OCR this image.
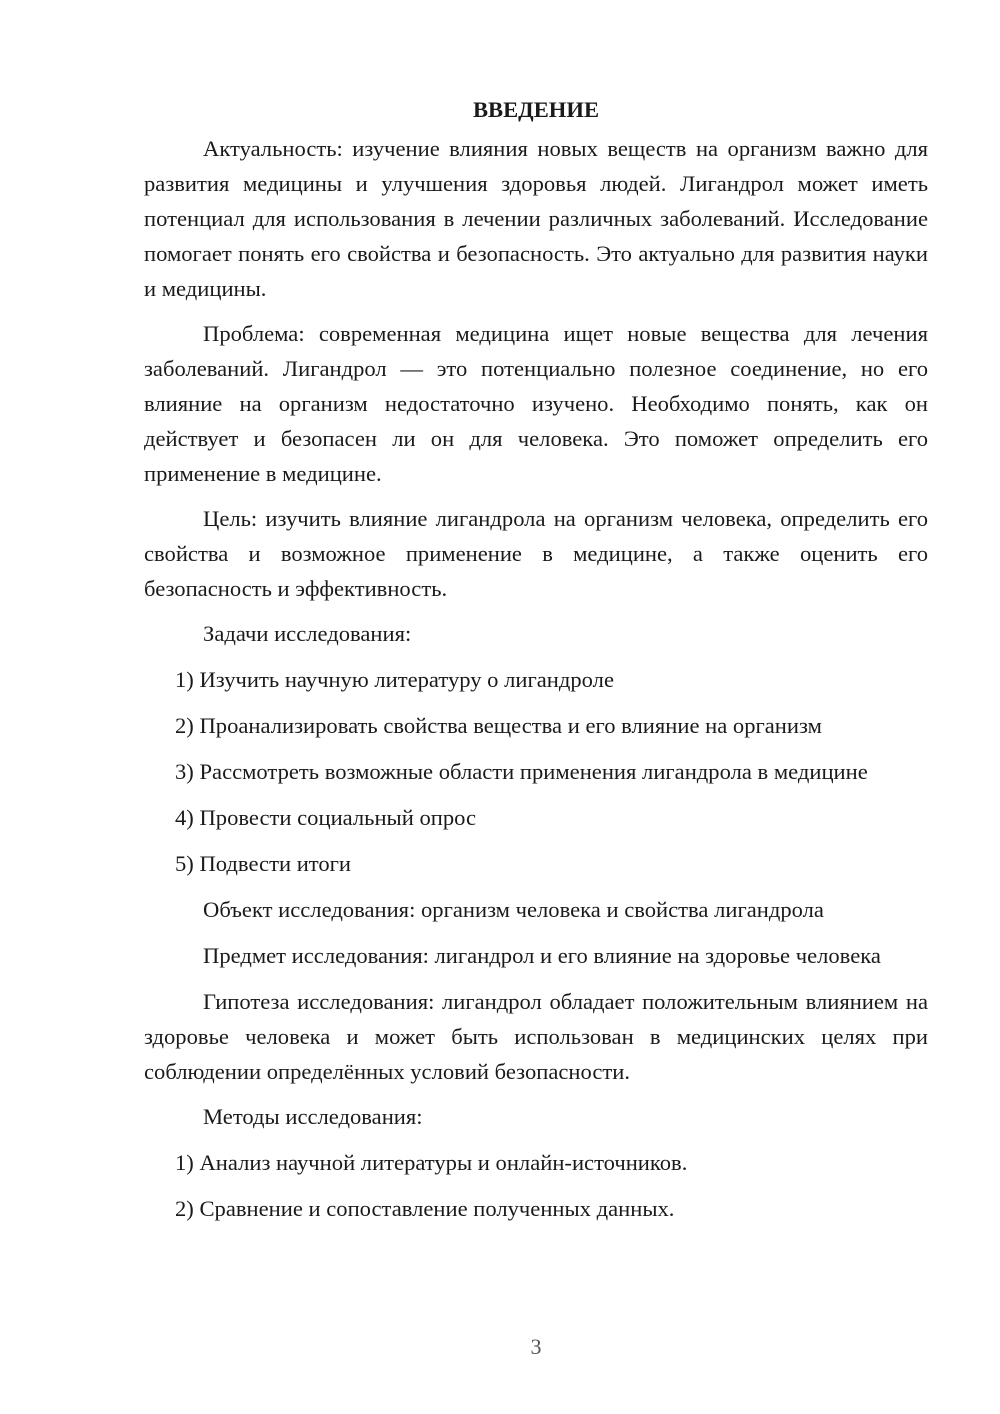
ВВЕДЕНИЕ

Актуальность: изучение влияния новых веществ на организм важно для развития медицины и улучшения здоровья людей. Лигандрол может иметь потенциал для использования в лечении различных заболеваний. Исследование помогает понять его свойства и безопасность. Это актуально для развития науки и медицины.

Проблема: современная медицина ищет новые вещества для лечения заболеваний. Лигандрол — это потенциально полезное соединение, но его влияние на организм недостаточно изучено. Необходимо понять, как он действует и безопасен ли он для человека. Это поможет определить его применение в медицине.

Цель: изучить влияние лигандрола на организм человека, определить его свойства и возможное применение в медицине, а также оценить его безопасность и эффективность.

Задачи исследования:

1) Изучить научную литературу о лигандроле

2) Проанализировать свойства вещества и его влияние на организм

3) Рассмотреть возможные области применения лигандрола в медицине

4) Провести социальный опрос

5) Подвести итоги

Объект исследования: организм человека и свойства лигандрола

Предмет исследования: лигандрол и его влияние на здоровье человека

Гипотеза исследования: лигандрол обладает положительным влиянием на здоровье человека и может быть использован в медицинских целях при соблюдении определённых условий безопасности.

Методы исследования:

1) Анализ научной литературы и онлайн-источников.

2) Сравнение и сопоставление полученных данных.

3
